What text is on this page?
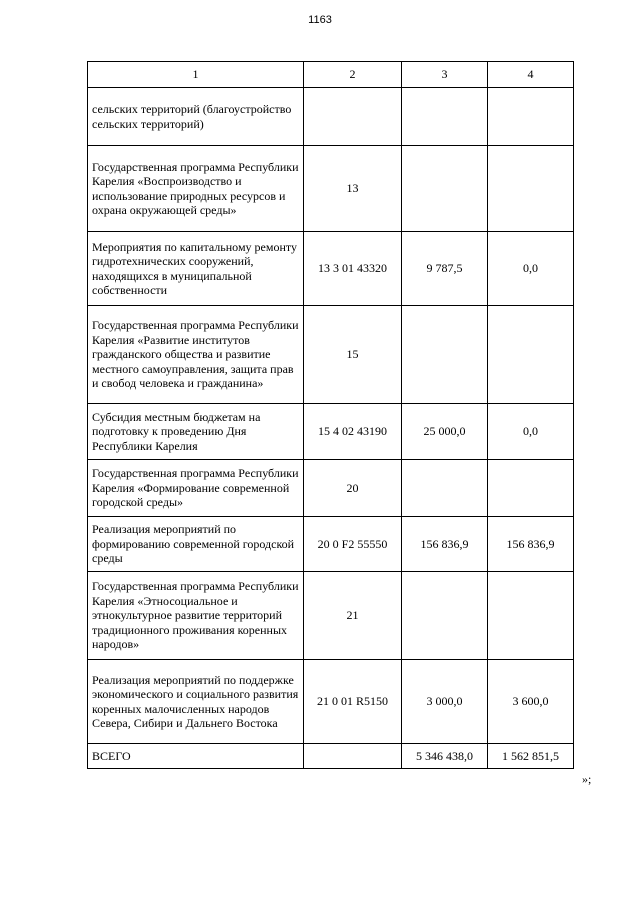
1163
1	2	3	4
сельских территорий (благоустройство сельских территорий)			
Государственная программа Республики Карелия «Воспроизводство и использование природных ресурсов и охрана окружающей среды»	13		
Мероприятия по капитальному ремонту гидротехнических сооружений, находящихся в муниципальной собственности	13 3 01 43320	9 787,5	0,0
Государственная программа Республики Карелия «Развитие институтов гражданского общества и развитие местного самоуправления, защита прав и свобод человека и гражданина»	15		
Субсидия местным бюджетам на подготовку к проведению Дня Республики Карелия	15 4 02 43190	25 000,0	0,0
Государственная программа Республики Карелия «Формирование современной городской среды»	20		
Реализация мероприятий по формированию современной городской среды	20 0 F2 55550	156 836,9	156 836,9
Государственная программа Республики Карелия «Этносоциальное и этнокультурное развитие территорий традиционного проживания коренных народов»	21		
Реализация мероприятий по поддержке экономического и социального развития коренных малочисленных народов Севера, Сибири и Дальнего Востока	21 0 01 R5150	3 000,0	3 600,0
ВСЕГО		5 346 438,0	1 562 851,5
»;
